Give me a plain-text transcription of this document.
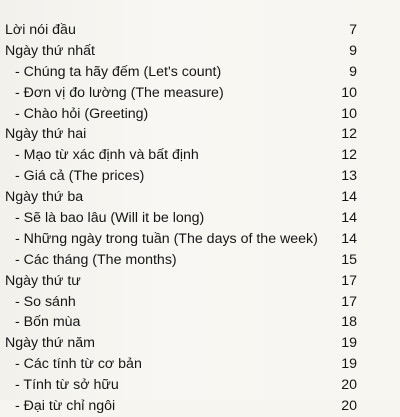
Lời nói đầu	7
Ngày thứ nhất	9
- Chúng ta hãy đếm (Let's count)	9
- Đơn vị đo lường (The measure)	10
- Chào hỏi (Greeting)	10
Ngày thứ hai	12
- Mạo từ xác định và bất định	12
- Giá cả (The prices)	13
Ngày thứ ba	14
- Sẽ là bao lâu (Will it be long)	14
- Những ngày trong tuần (The days of the week) 14
- Các tháng (The months)	15
Ngày thứ tư	17
- So sánh	17
- Bốn mùa	18
Ngày thứ năm	19
- Các tính từ cơ bản	19
- Tính từ sở hữu	20
- Đại từ chỉ ngôi	20
